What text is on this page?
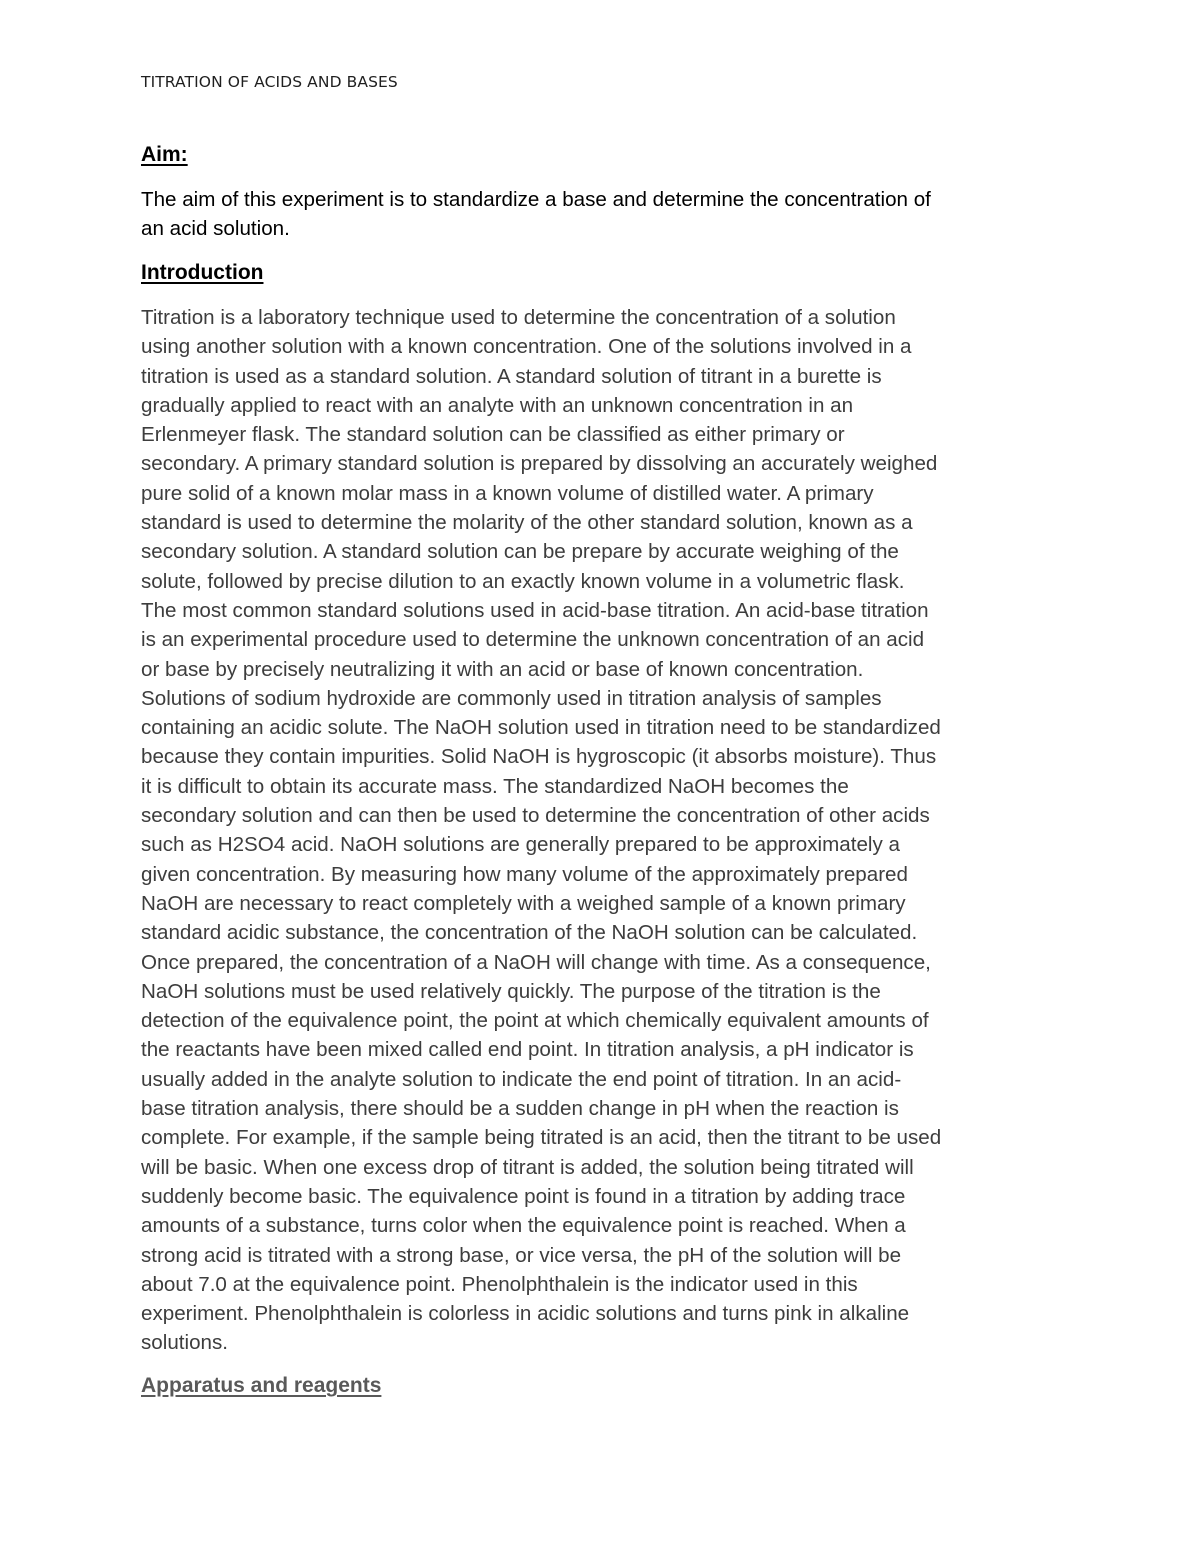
TITRATION OF ACIDS AND BASES
Aim:
The aim of this experiment is to standardize a base and determine the concentration of
an acid solution.
Introduction
Titration is a laboratory technique used to determine the concentration of a solution
using another solution with a known concentration. One of the solutions involved in a
titration is used as a standard solution. A standard solution of titrant in a burette is
gradually applied to react with an analyte with an unknown concentration in an
Erlenmeyer flask. The standard solution can be classified as either primary or
secondary. A primary standard solution is prepared by dissolving an accurately weighed
pure solid of a known molar mass in a known volume of distilled water. A primary
standard is used to determine the molarity of the other standard solution, known as a
secondary solution. A standard solution can be prepare by accurate weighing of the
solute, followed by precise dilution to an exactly known volume in a volumetric flask.
The most common standard solutions used in acid-base titration. An acid-base titration
is an experimental procedure used to determine the unknown concentration of an acid
or base by precisely neutralizing it with an acid or base of known concentration.
Solutions of sodium hydroxide are commonly used in titration analysis of samples
containing an acidic solute. The NaOH solution used in titration need to be standardized
because they contain impurities. Solid NaOH is hygroscopic (it absorbs moisture). Thus
it is difficult to obtain its accurate mass. The standardized NaOH becomes the
secondary solution and can then be used to determine the concentration of other acids
such as H2SO4 acid. NaOH solutions are generally prepared to be approximately a
given concentration. By measuring how many volume of the approximately prepared
NaOH are necessary to react completely with a weighed sample of a known primary
standard acidic substance, the concentration of the NaOH solution can be calculated.
Once prepared, the concentration of a NaOH will change with time. As a consequence,
NaOH solutions must be used relatively quickly. The purpose of the titration is the
detection of the equivalence point, the point at which chemically equivalent amounts of
the reactants have been mixed called end point. In titration analysis, a pH indicator is
usually added in the analyte solution to indicate the end point of titration. In an acid-
base titration analysis, there should be a sudden change in pH when the reaction is
complete. For example, if the sample being titrated is an acid, then the titrant to be used
will be basic. When one excess drop of titrant is added, the solution being titrated will
suddenly become basic. The equivalence point is found in a titration by adding trace
amounts of a substance, turns color when the equivalence point is reached. When a
strong acid is titrated with a strong base, or vice versa, the pH of the solution will be
about 7.0 at the equivalence point. Phenolphthalein is the indicator used in this
experiment. Phenolphthalein is colorless in acidic solutions and turns pink in alkaline
solutions.
Apparatus and reagents
